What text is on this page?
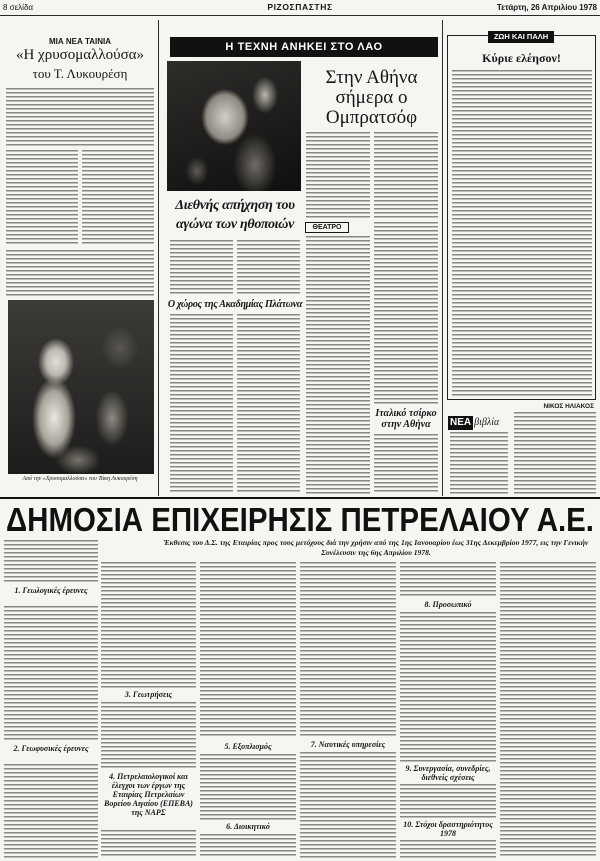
8 σελίδα	ΡΙΖΟΣΠΑΣΤΗΣ	Τετάρτη, 26 Απριλίου 1978
ΜΙΑ ΝΕΑ ΤΑΙΝΙΑ
«Η χρυσομαλλούσα»
του Τ. Λυκουρέση
Από την «Χρυσομαλλούσα» του Τάκη Λυκουρέση
Η ΤΕΧΝΗ ΑΝΗΚΕΙ ΣΤΟ ΛΑΟ
Στην Αθήνα
σήμερα ο
Ομπρατσόφ
Διεθνής απήχηση του
αγώνα των ηθοποιών
Ο χώρος της Ακαδημίας Πλάτωνα
ΘΕΑΤΡΟ
Ιταλικό τσίρκο
στην Αθήνα
ΖΩΗ ΚΑΙ ΠΑΛΗ
Κύριε ελέησον!
ΝΙΚΟΣ ΗΛΙΑΚΟΣ
ΝΕΑ βιβλία
ΔΗΜΟΣΙΑ ΕΠΙΧΕΙΡΗΣΙΣ ΠΕΤΡΕΛΑΙΟΥ Α.Ε.
Έκθεσις του Δ.Σ. της Εταιρίας προς τους μετόχους διά την χρήσιν από της 1ης Ιανουαρίου έως 31ης Δεκεμβρίου 1977, εις την Γενικήν Συνέλευσιν της 6ης Απριλίου 1978.
1. Γεωλογικές έρευνες
2. Γεωφυσικές έρευνες
3. Γεωτρήσεις
4. Πετρελαιολογικοί και έλεγχοι των έργων της Εταιρίας Πετρελαίων Βορείου Αιγαίου (ΕΠΕΒΑ) της ΝΑΡΣ
5. Εξοπλισμός
6. Διοικητικό
7. Ναυτικές υπηρεσίες
8. Προσωπικό
9. Συνεργασία, συνεδρίες, διεθνείς σχέσεις
10. Στόχοι δραστηριότητος 1978
